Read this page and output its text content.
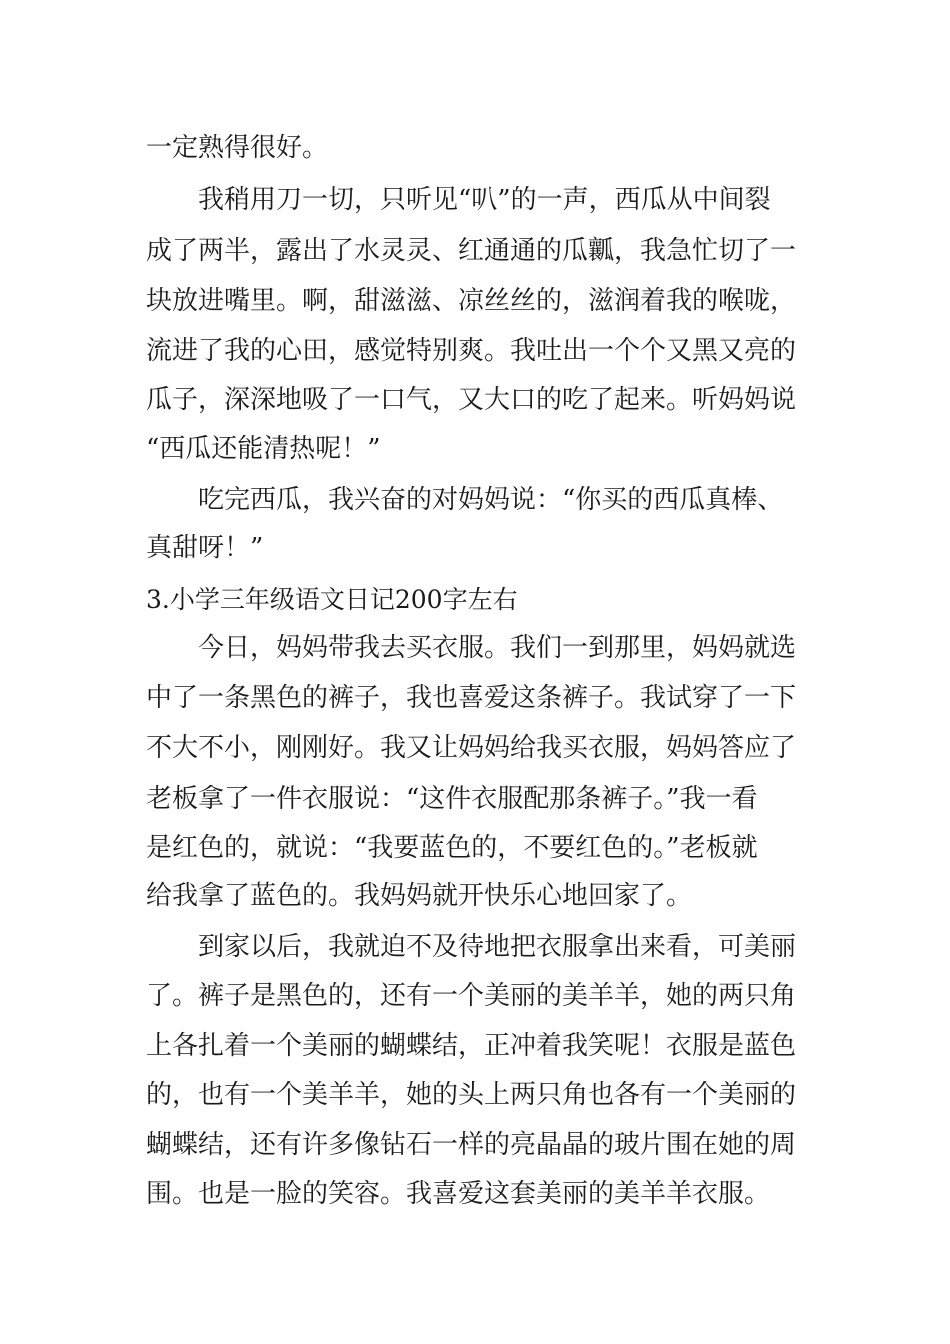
一定熟得很好。
我稍用刀一切，只听见“叭”的一声，西瓜从中间裂
成了两半，露出了水灵灵、红通通的瓜瓤，我急忙切了一
块放进嘴里。啊，甜滋滋、凉丝丝的，滋润着我的喉咙，
流进了我的心田，感觉特别爽。我吐出一个个又黑又亮的
瓜子，深深地吸了一口气，又大口的吃了起来。听妈妈说
“西瓜还能清热呢！”
吃完西瓜，我兴奋的对妈妈说：“你买的西瓜真棒、
真甜呀！”
3.小学三年级语文日记200字左右
今日，妈妈带我去买衣服。我们一到那里，妈妈就选
中了一条黑色的裤子，我也喜爱这条裤子。我试穿了一下
不大不小，刚刚好。我又让妈妈给我买衣服，妈妈答应了
老板拿了一件衣服说：“这件衣服配那条裤子。”我一看
是红色的，就说：“我要蓝色的，不要红色的。”老板就
给我拿了蓝色的。我妈妈就开快乐心地回家了。
到家以后，我就迫不及待地把衣服拿出来看，可美丽
了。裤子是黑色的，还有一个美丽的美羊羊，她的两只角
上各扎着一个美丽的蝴蝶结，正冲着我笑呢！衣服是蓝色
的，也有一个美羊羊，她的头上两只角也各有一个美丽的
蝴蝶结，还有许多像钻石一样的亮晶晶的玻片围在她的周
围。也是一脸的笑容。我喜爱这套美丽的美羊羊衣服。
